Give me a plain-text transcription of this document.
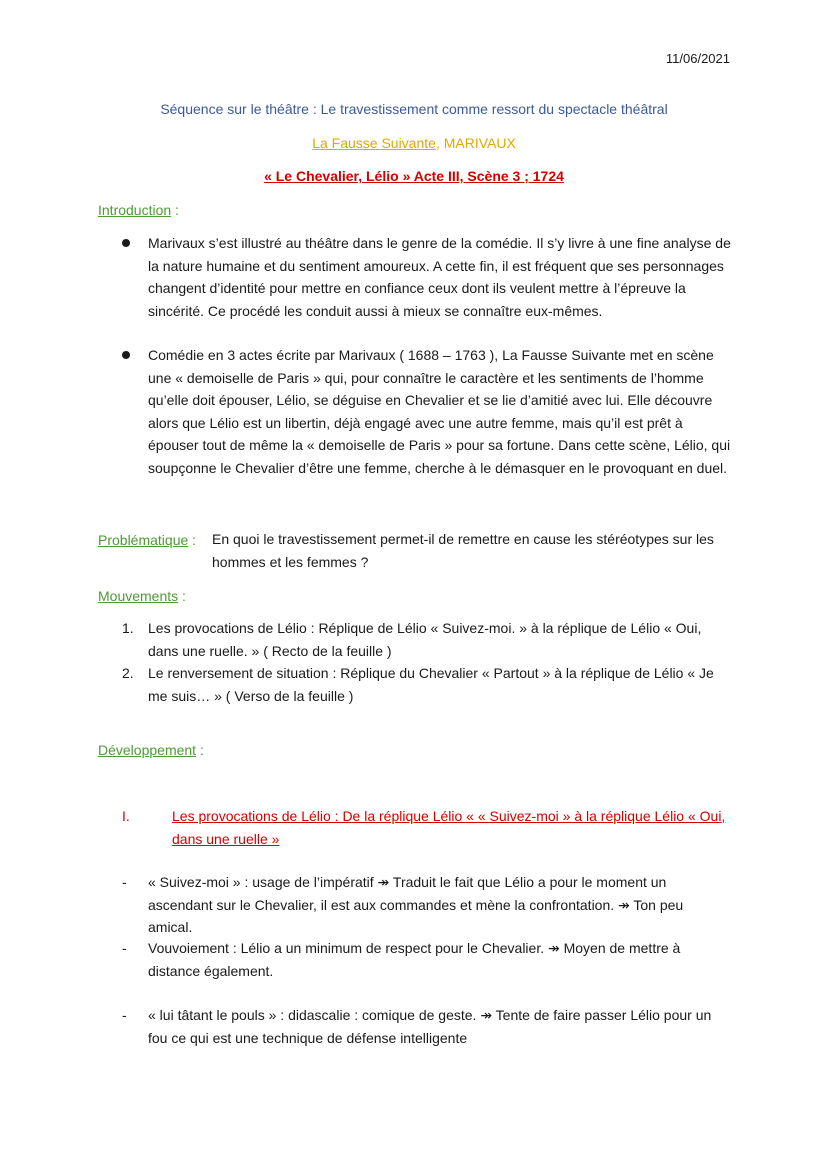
11/06/2021
Séquence sur le théâtre : Le travestissement comme ressort du spectacle théâtral
La Fausse Suivante, MARIVAUX
« Le Chevalier, Lélio » Acte III, Scène 3 ; 1724
Introduction :
Marivaux s’est illustré au théâtre dans le genre de la comédie. Il s’y livre à une fine analyse de la nature humaine et du sentiment amoureux. A cette fin, il est fréquent que ses personnages changent d’identité pour mettre en confiance ceux dont ils veulent mettre à l’épreuve la sincérité. Ce procédé les conduit aussi à mieux se connaître eux-mêmes.
Comédie en 3 actes écrite par Marivaux ( 1688 – 1763 ), La Fausse Suivante met en scène une « demoiselle de Paris » qui, pour connaître le caractère et les sentiments de l’homme qu’elle doit épouser, Lélio, se déguise en Chevalier et se lie d’amitié avec lui. Elle découvre alors que Lélio est un libertin, déjà engagé avec une autre femme, mais qu’il est prêt à épouser tout de même la « demoiselle de Paris » pour sa fortune. Dans cette scène, Lélio, qui soupçonne le Chevalier d’être une femme, cherche à le démasquer en le provoquant en duel.
Problématique : En quoi le travestissement permet-il de remettre en cause les stéréotypes sur les hommes et les femmes ?
Mouvements :
1. Les provocations de Lélio : Réplique de Lélio « Suivez-moi. » à la réplique de Lélio « Oui, dans une ruelle. » ( Recto de la feuille )
2. Le renversement de situation : Réplique du Chevalier « Partout » à la réplique de Lélio « Je me suis… » ( Verso de la feuille )
Développement :
I.	Les provocations de Lélio : De la réplique Lélio « « Suivez-moi » à la réplique Lélio « Oui, dans une ruelle »
- « Suivez-moi » : usage de l’impératif ↠ Traduit le fait que Lélio a pour le moment un ascendant sur le Chevalier, il est aux commandes et mène la confrontation. ↠ Ton peu amical.
- Vouvoiement : Lélio a un minimum de respect pour le Chevalier. ↠ Moyen de mettre à distance également.
- « lui tâtant le pouls » : didascalie : comique de geste. ↠ Tente de faire passer Lélio pour un fou ce qui est une technique de défense intelligente
